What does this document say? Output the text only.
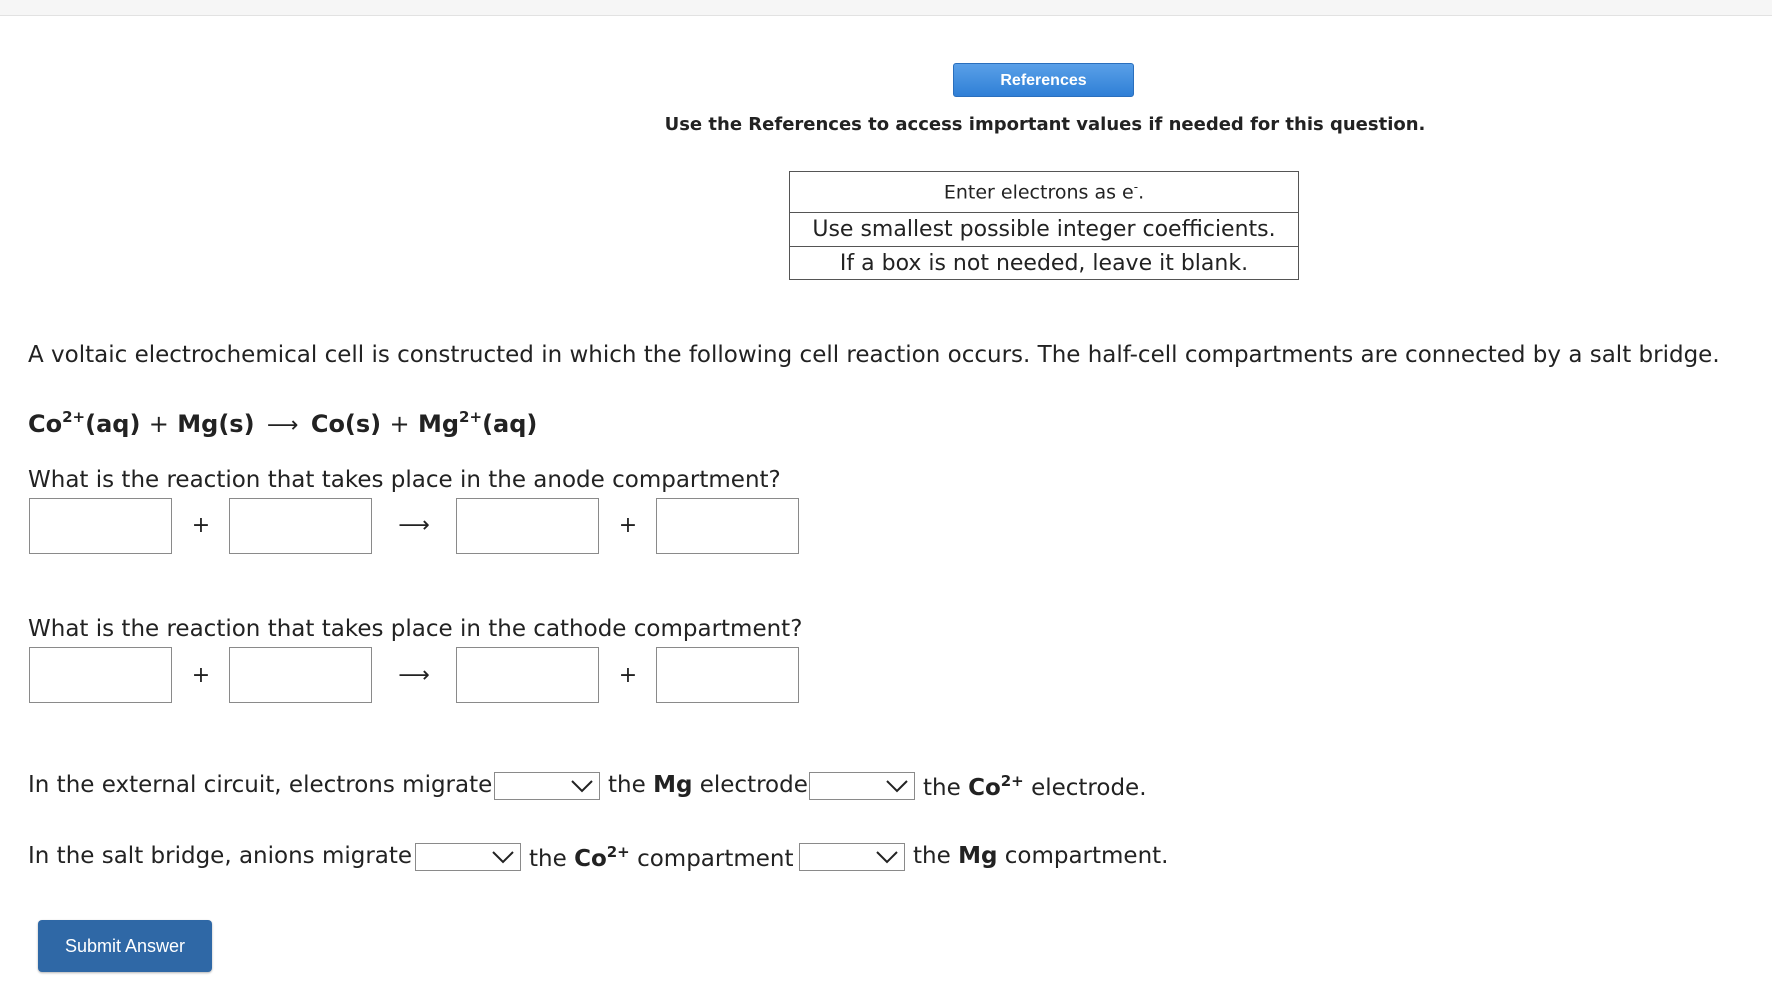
References
Use the References to access important values if needed for this question.
Enter electrons as e-.
Use smallest possible integer coefficients.
If a box is not needed, leave it blank.
A voltaic electrochemical cell is constructed in which the following cell reaction occurs. The half-cell compartments are connected by a salt bridge.
$Co^{2+}(aq) + Mg(s)$ ⟶ $Co(s) + Mg^{2+}(aq)$
What is the reaction that takes place in the anode compartment?
+	⟶	+
What is the reaction that takes place in the cathode compartment?
+	⟶	+
In the external circuit, electrons migrate	the Mg electrode	the $Co^{2+}$ electrode.
In the salt bridge, anions migrate	the $Co^{2+}$ compartment	the Mg compartment.
Submit Answer
